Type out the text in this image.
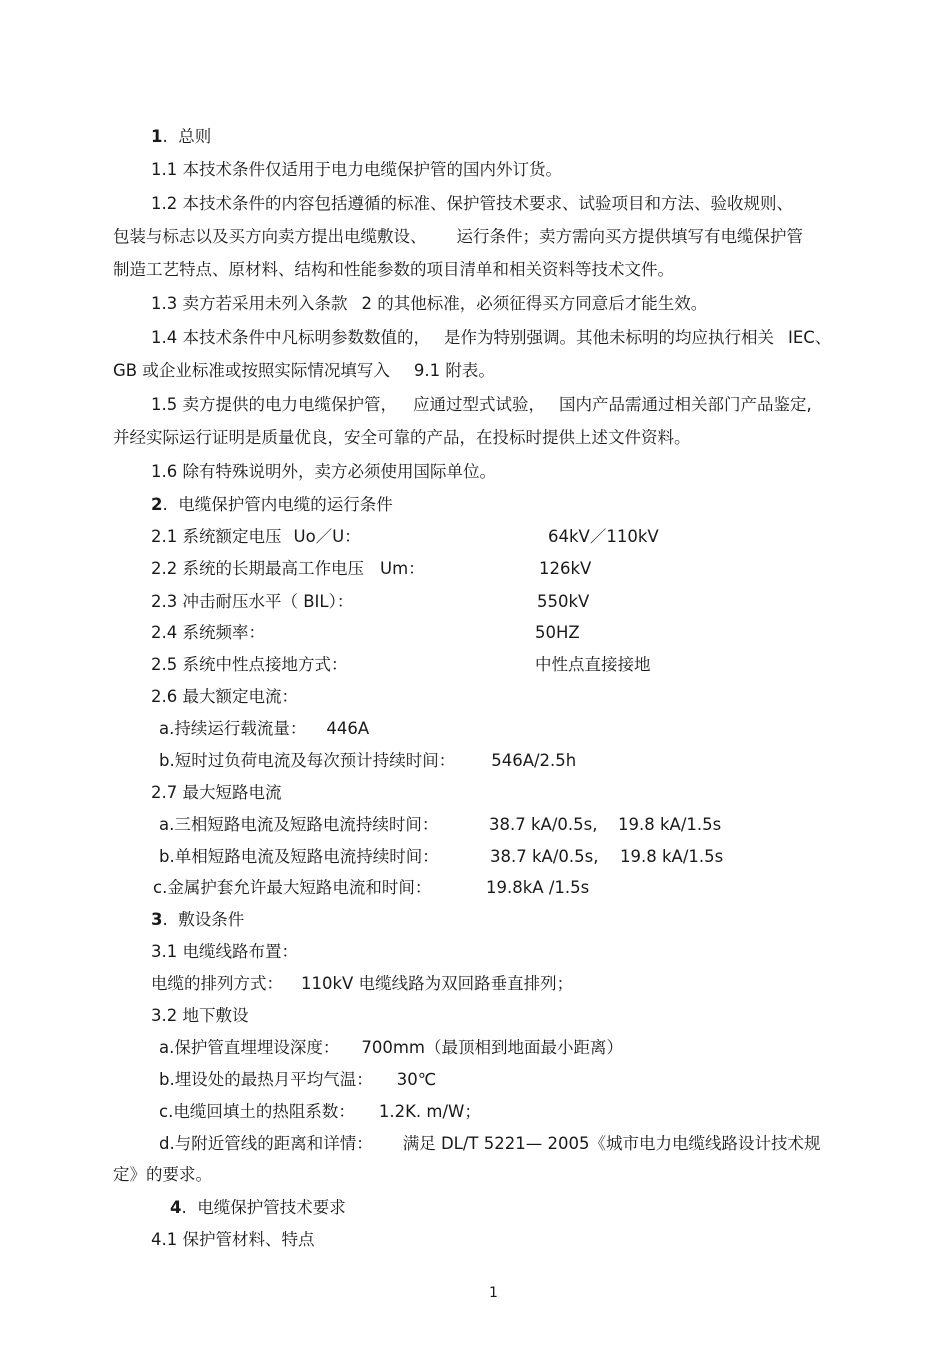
1.  总则
1.1 本技术条件仅适用于电力电缆保护管的国内外订货。
1.2 本技术条件的内容包括遵循的标准、保护管技术要求、试验项目和方法、验收规则、
包装与标志以及买方向卖方提出电缆敷设、 运行条件；卖方需向买方提供填写有电缆保护管
制造工艺特点、原材料、结构和性能参数的项目清单和相关资料等技术文件。
1.3 卖方若采用未列入条款 2 的其他标准，必须征得买方同意后才能生效。
1.4 本技术条件中凡标明参数数值的， 是作为特别强调。其他未标明的均应执行相关 IEC、
GB 或企业标准或按照实际情况填写入 9.1 附表。
1.5 卖方提供的电力电缆保护管， 应通过型式试验， 国内产品需通过相关部门产品鉴定,
并经实际运行证明是质量优良，安全可靠的产品，在投标时提供上述文件资料。
1.6 除有特殊说明外，卖方必须使用国际单位。
2.  电缆保护管内电缆的运行条件
2.1 系统额定电压 Uo／U：	64kV／110kV
2.2 系统的长期最高工作电压 Um：	126kV
2.3 冲击耐压水平（ BIL）：	550kV
2.4 系统频率：	50HZ
2.5 系统中性点接地方式：	中性点直接接地
2.6 最大额定电流：
a.持续运行载流量： 446A
b.短时过负荷电流及每次预计持续时间： 546A/2.5h
2.7 最大短路电流
a.三相短路电流及短路电流持续时间：	38.7 kA/0.5s, 19.8 kA/1.5s
b.单相短路电流及短路电流持续时间：	38.7 kA/0.5s, 19.8 kA/1.5s
c.金属护套允许最大短路电流和时间：	19.8kA /1.5s
3.  敷设条件
3.1 电缆线路布置：
电缆的排列方式： 110kV 电缆线路为双回路垂直排列；
3.2 地下敷设
a.保护管直埋埋设深度： 700mm（最顶相到地面最小距离）
b.埋设处的最热月平均气温： 30℃
c.电缆回填土的热阻系数： 1.2K. m/W；
d.与附近管线的距离和详情： 满足 DL/T 5221— 2005《城市电力电缆线路设计技术规
定》的要求。
4.  电缆保护管技术要求
4.1 保护管材料、特点
1
